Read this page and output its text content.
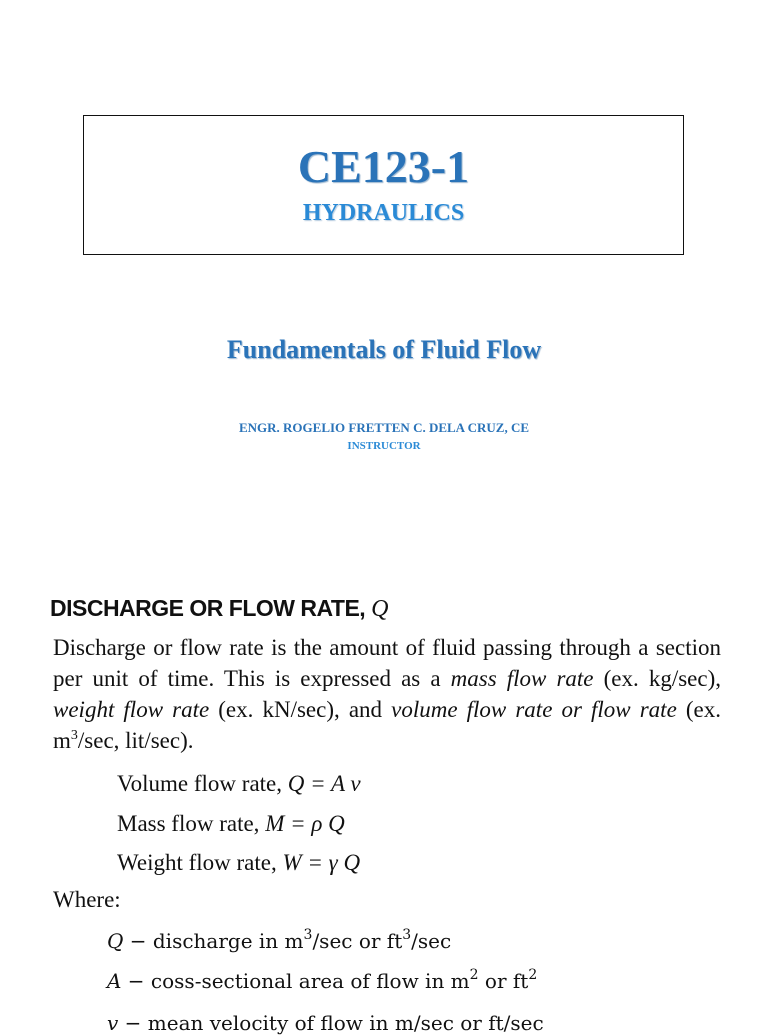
CE123-1
HYDRAULICS
Fundamentals of Fluid Flow
ENGR. ROGELIO FRETTEN C. DELA CRUZ, CE
INSTRUCTOR
DISCHARGE OR FLOW RATE, Q
Discharge or flow rate is the amount of fluid passing through a section per unit of time. This is expressed as a mass flow rate (ex. kg/sec), weight flow rate (ex. kN/sec), and volume flow rate or flow rate (ex. $m^3/\sec$, lit/sec).
Volume flow rate, Q = A v
Mass flow rate, M = ρ Q
Weight flow rate, W = γ Q
Where:
Q − discharge in $m^3/\sec$ or $ft^3/\sec$
A − coss-sectional area of flow in $m^2$ or $ft^2$
v − mean velocity of flow in m/sec or ft/sec
